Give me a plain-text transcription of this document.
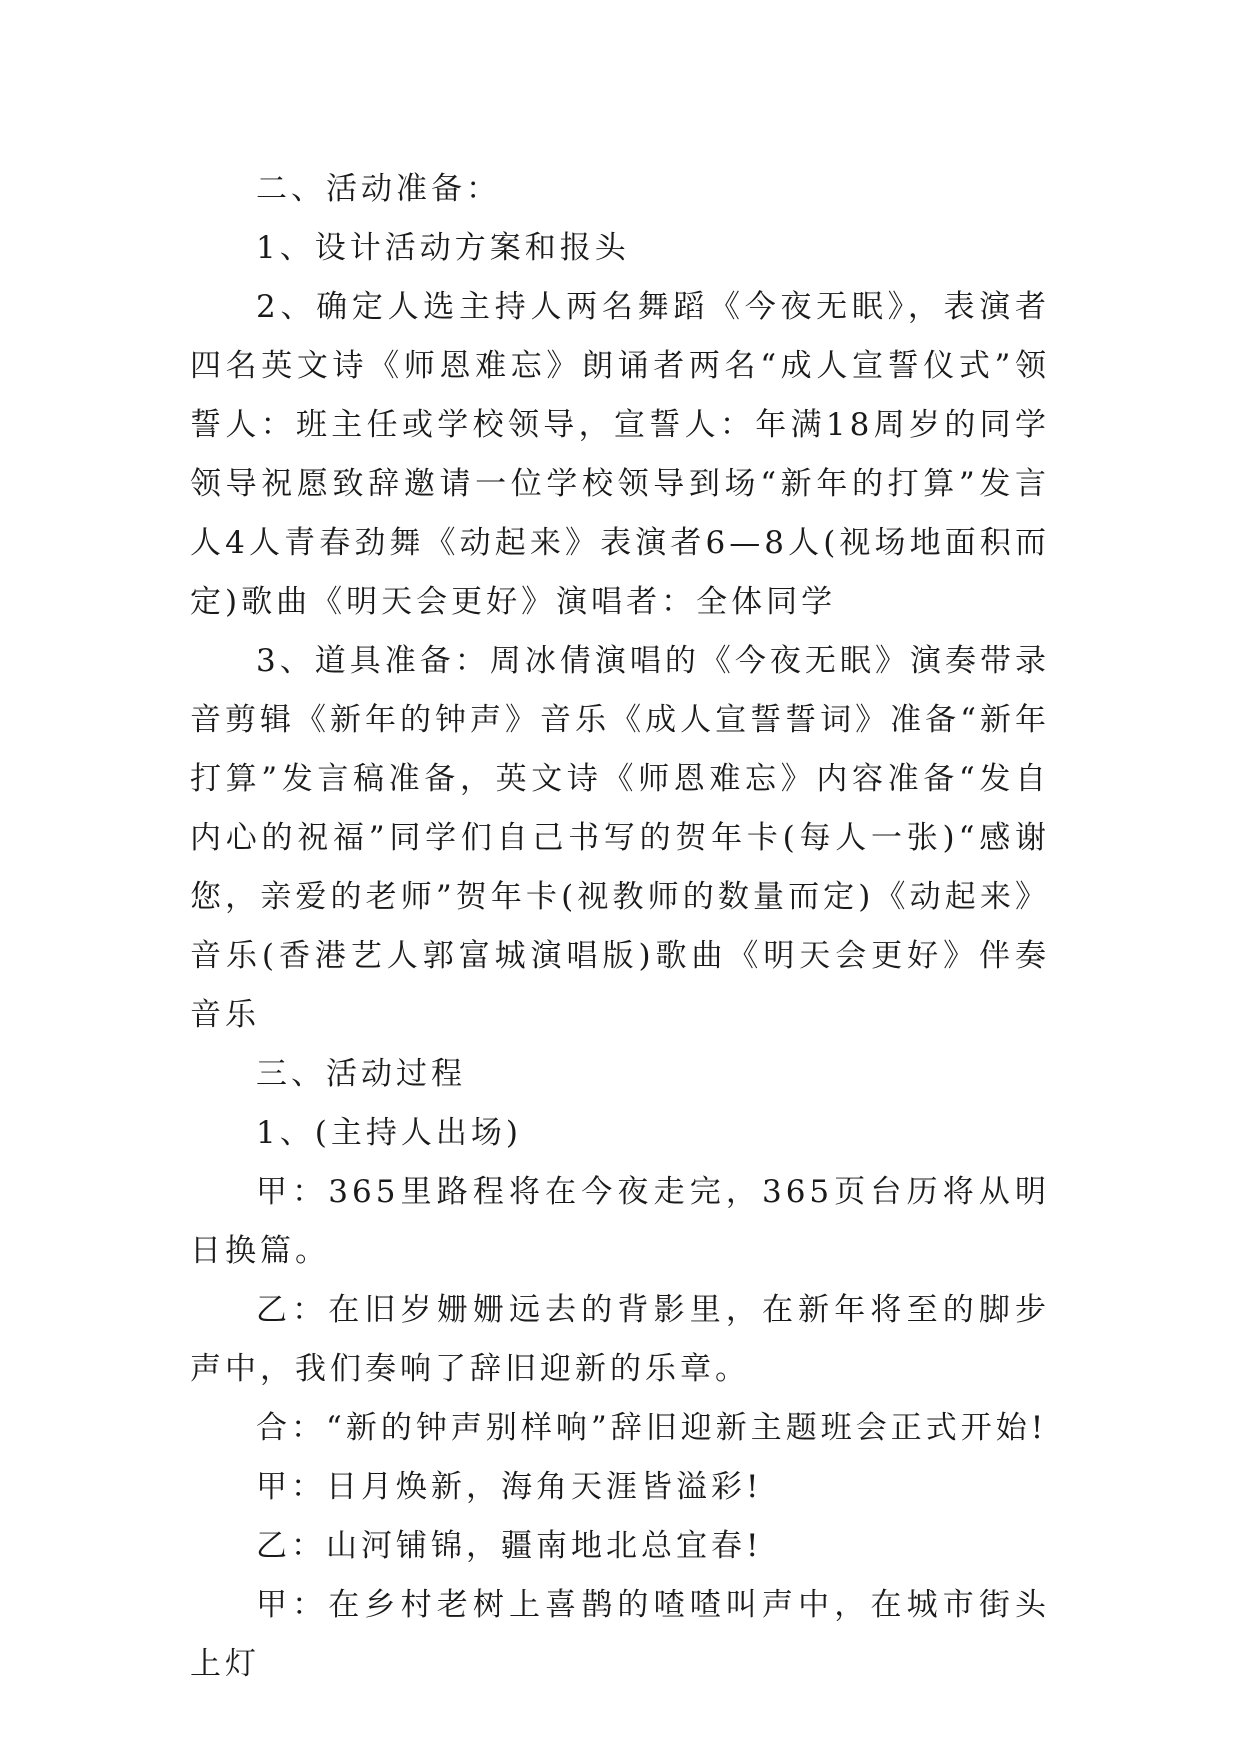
二、活动准备：

1、设计活动方案和报头

2、确定人选主持人两名舞蹈《今夜无眠》，表演者四名英文诗《师恩难忘》朗诵者两名“成人宣誓仪式”领誓人：班主任或学校领导，宣誓人：年满18周岁的同学领导祝愿致辞邀请一位学校领导到场“新年的打算”发言人4人青春劲舞《动起来》表演者6—8人(视场地面积而定)歌曲《明天会更好》演唱者：全体同学

3、道具准备：周冰倩演唱的《今夜无眠》演奏带录音剪辑《新年的钟声》音乐《成人宣誓誓词》准备“新年打算”发言稿准备，英文诗《师恩难忘》内容准备“发自内心的祝福”同学们自己书写的贺年卡(每人一张)“感谢您，亲爱的老师”贺年卡(视教师的数量而定)《动起来》音乐(香港艺人郭富城演唱版)歌曲《明天会更好》伴奏音乐

三、活动过程

1、(主持人出场)

甲：365里路程将在今夜走完，365页台历将从明日换篇。

乙：在旧岁姗姗远去的背影里，在新年将至的脚步声中，我们奏响了辞旧迎新的乐章。

合：“新的钟声别样响”辞旧迎新主题班会正式开始!

甲：日月焕新，海角天涯皆溢彩!

乙：山河铺锦，疆南地北总宜春!

甲：在乡村老树上喜鹊的喳喳叫声中，在城市街头上灯
